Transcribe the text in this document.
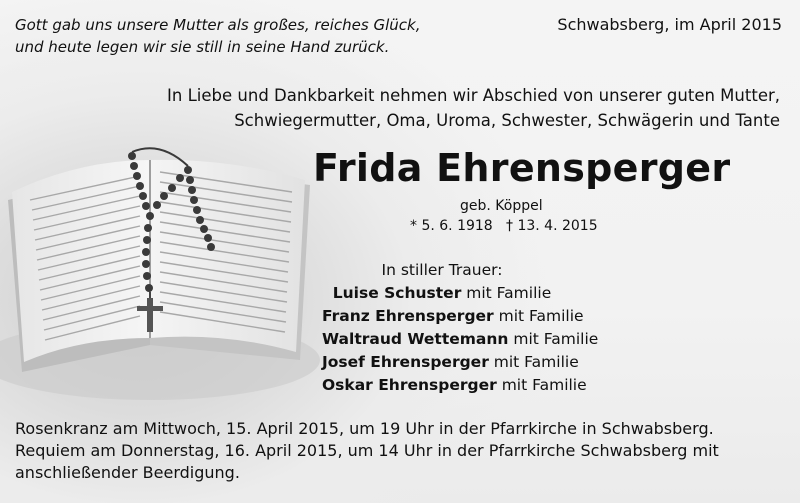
Gott gab uns unsere Mutter als großes, reiches Glück,
und heute legen wir sie still in seine Hand zurück.
Schwabsberg, im April 2015
In Liebe und Dankbarkeit nehmen wir Abschied von unserer guten Mutter,
Schwiegermutter, Oma, Uroma, Schwester, Schwägerin und Tante
Frida Ehrensperger
geb. Köppel
* 5. 6. 1918 † 13. 4. 2015
In stiller Trauer:
Luise Schuster mit Familie
Franz Ehrensperger mit Familie
Waltraud Wettemann mit Familie
Josef Ehrensperger mit Familie
Oskar Ehrensperger mit Familie
Rosenkranz am Mittwoch, 15. April 2015, um 19 Uhr in der Pfarrkirche in Schwabsberg.
Requiem am Donnerstag, 16. April 2015, um 14 Uhr in der Pfarrkirche Schwabsberg mit
anschließender Beerdigung.
